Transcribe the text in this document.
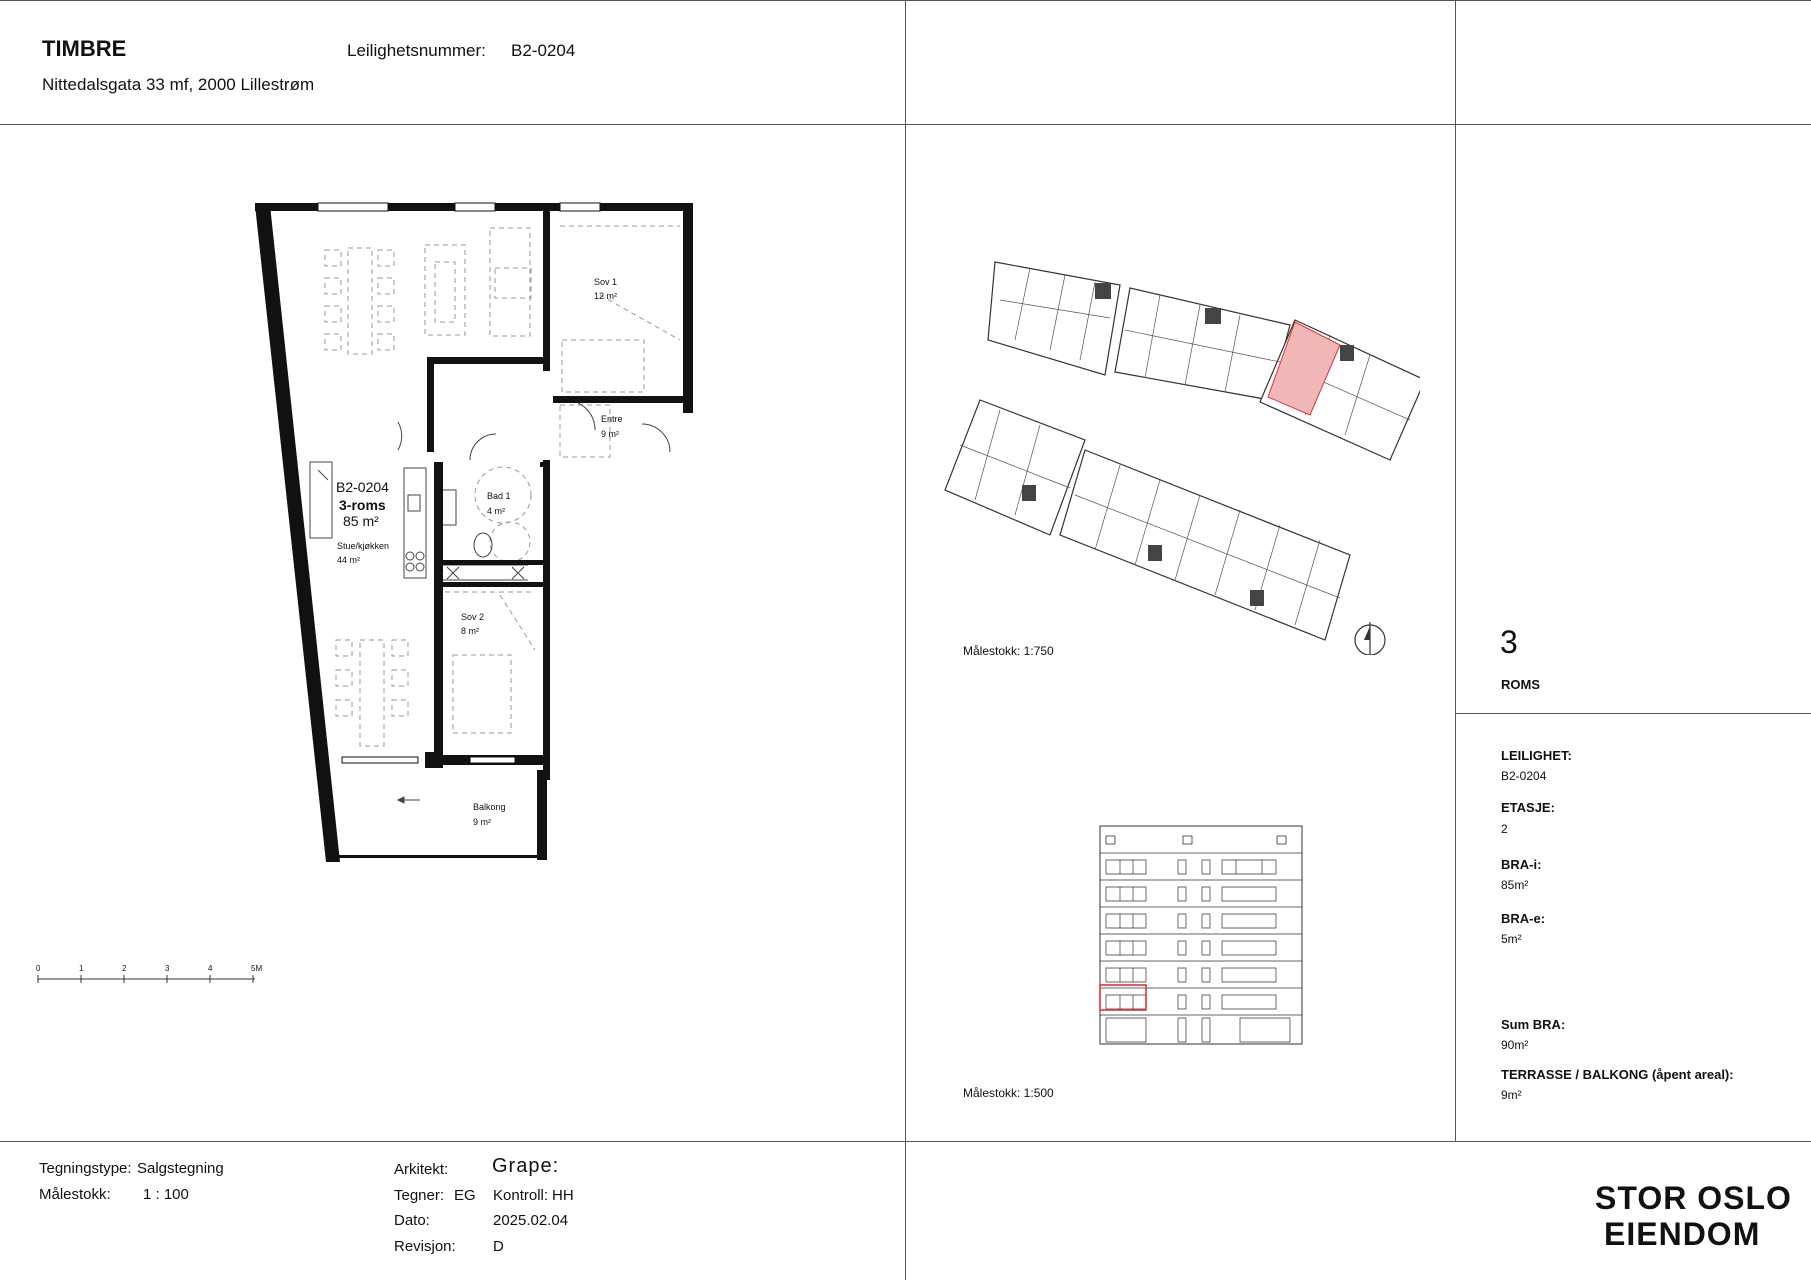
TIMBRE
Nittedalsgata 33 mf, 2000 Lillestrøm
Leilighetsnummer: B2-0204
B2-0204
3-roms
85 m²
Stue/kjøkken
44 m²
Sov 1
12 m²
Entre
9 m²
Bad 1
4 m²
Sov 2
8 m²
Balkong
9 m²
0	1	2	3	4	5M
Målestokk: 1:750
Målestokk: 1:500
3
ROMS
LEILIGHET:
B2-0204
ETASJE:
2
BRA-i:
85m²
BRA-e:
5m²
Sum BRA:
90m²
TERRASSE / BALKONG (åpent areal):
9m²
Tegningstype: Salgstegning
Målestokk: 1 : 100
Arkitekt: Grape:
Tegner: EG Kontroll: HH
Dato:	2025.02.04
Revisjon: D
STOR OSLO
EIENDOM
